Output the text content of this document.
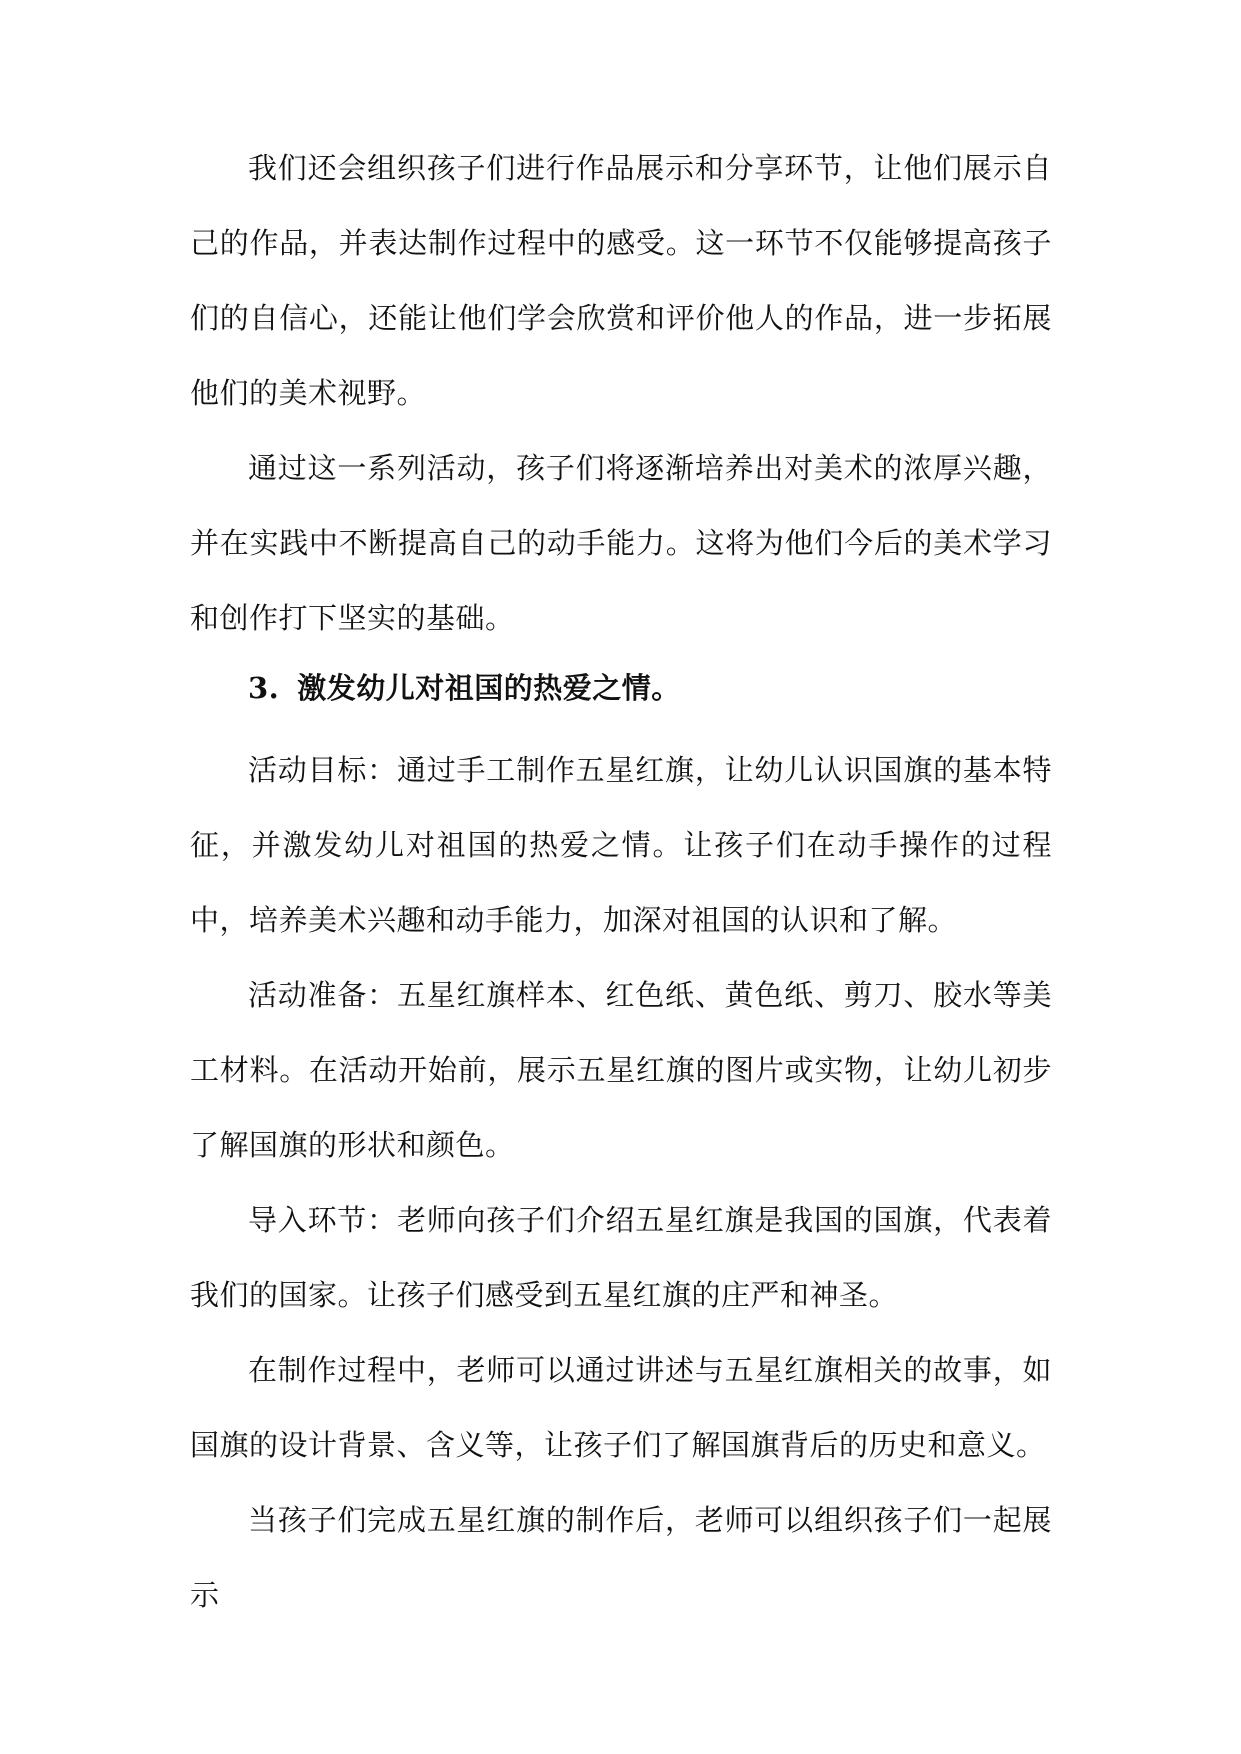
我们还会组织孩子们进行作品展示和分享环节，让他们展示自己的作品，并表达制作过程中的感受。这一环节不仅能够提高孩子们的自信心，还能让他们学会欣赏和评价他人的作品，进一步拓展他们的美术视野。

通过这一系列活动，孩子们将逐渐培养出对美术的浓厚兴趣，并在实践中不断提高自己的动手能力。这将为他们今后的美术学习和创作打下坚实的基础。

3. 激发幼儿对祖国的热爱之情。

活动目标：通过手工制作五星红旗，让幼儿认识国旗的基本特征，并激发幼儿对祖国的热爱之情。让孩子们在动手操作的过程中，培养美术兴趣和动手能力，加深对祖国的认识和了解。

活动准备：五星红旗样本、红色纸、黄色纸、剪刀、胶水等美工材料。在活动开始前，展示五星红旗的图片或实物，让幼儿初步了解国旗的形状和颜色。

导入环节：老师向孩子们介绍五星红旗是我国的国旗，代表着我们的国家。让孩子们感受到五星红旗的庄严和神圣。

在制作过程中，老师可以通过讲述与五星红旗相关的故事，如国旗的设计背景、含义等，让孩子们了解国旗背后的历史和意义。

当孩子们完成五星红旗的制作后，老师可以组织孩子们一起展示
